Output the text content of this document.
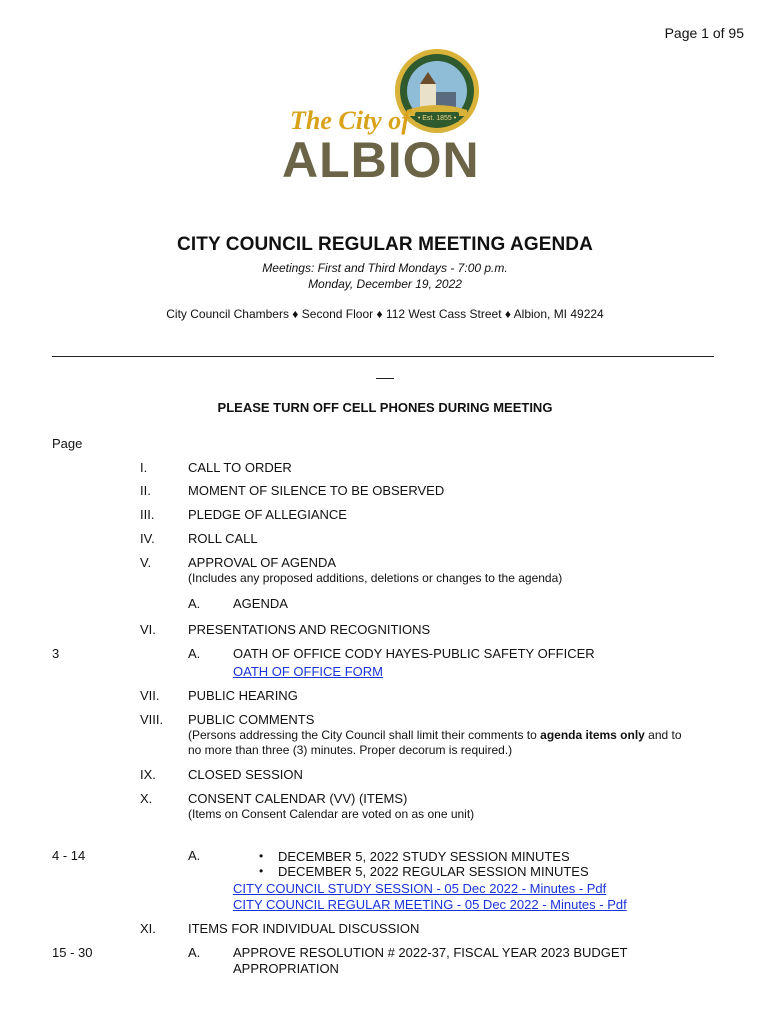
Page 1 of 95
• Est. 1855 •
The City of
ALBION
CITY COUNCIL REGULAR MEETING AGENDA
Meetings: First and Third Mondays - 7:00 p.m.
Monday, December 19, 2022
City Council Chambers ♦ Second Floor ♦ 112 West Cass Street ♦ Albion, MI 49224
PLEASE TURN OFF CELL PHONES DURING MEETING
Page
I.	CALL TO ORDER
II.	MOMENT OF SILENCE TO BE OBSERVED
III.	PLEDGE OF ALLEGIANCE
IV.	ROLL CALL
V.	APPROVAL OF AGENDA
(Includes any proposed additions, deletions or changes to the agenda)
A.	AGENDA
VI. PRESENTATIONS AND RECOGNITIONS
3	A.	OATH OF OFFICE CODY HAYES-PUBLIC SAFETY OFFICER
OATH OF OFFICE FORM
VII. PUBLIC HEARING
VIII. PUBLIC COMMENTS
(Persons addressing the City Council shall limit their comments to agenda items only and to
no more than three (3) minutes. Proper decorum is required.)
IX. CLOSED SESSION
X.	CONSENT CALENDAR (VV) (ITEMS)
(Items on Consent Calendar are voted on as one unit)
4 - 14	A.	• DECEMBER 5, 2022 STUDY SESSION MINUTES
• DECEMBER 5, 2022 REGULAR SESSION MINUTES
CITY COUNCIL STUDY SESSION - 05 Dec 2022 - Minutes - Pdf
CITY COUNCIL REGULAR MEETING - 05 Dec 2022 - Minutes - Pdf
XI. ITEMS FOR INDIVIDUAL DISCUSSION
15 - 30	A.	APPROVE RESOLUTION # 2022-37, FISCAL YEAR 2023 BUDGET
APPROPRIATION
